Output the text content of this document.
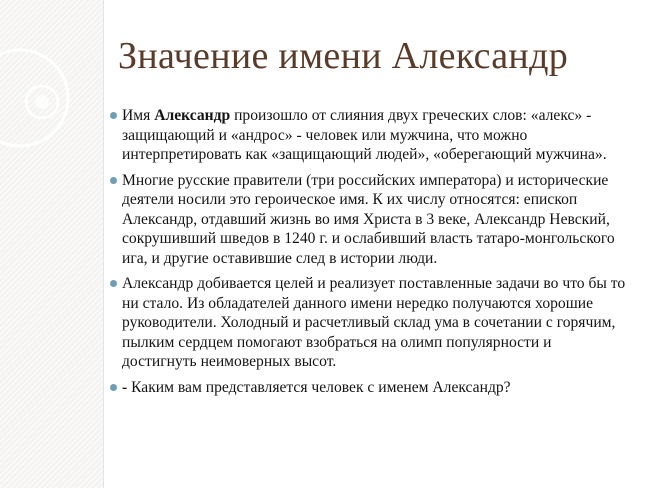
Значение имени Александр
Имя Александр произошло от слияния двух греческих слов: «алекс» - защищающий и «андрос» - человек или мужчина, что можно интерпретировать как «защищающий людей», «оберегающий мужчина».
Многие русские правители (три российских императора) и исторические деятели носили это героическое имя. К их числу относятся: епископ Александр, отдавший жизнь во имя Христа в 3 веке, Александр Невский, сокрушивший шведов в 1240 г. и ослабивший власть татаро-монгольского ига, и другие оставившие след в истории люди.
Александр добивается целей и реализует поставленные задачи во что бы то ни стало. Из обладателей данного имени нередко получаются хорошие руководители. Холодный и расчетливый склад ума в сочетании с горячим, пылким сердцем помогают взобраться на олимп популярности и достигнуть неимоверных высот.
- Каким вам представляется человек с именем Александр?
